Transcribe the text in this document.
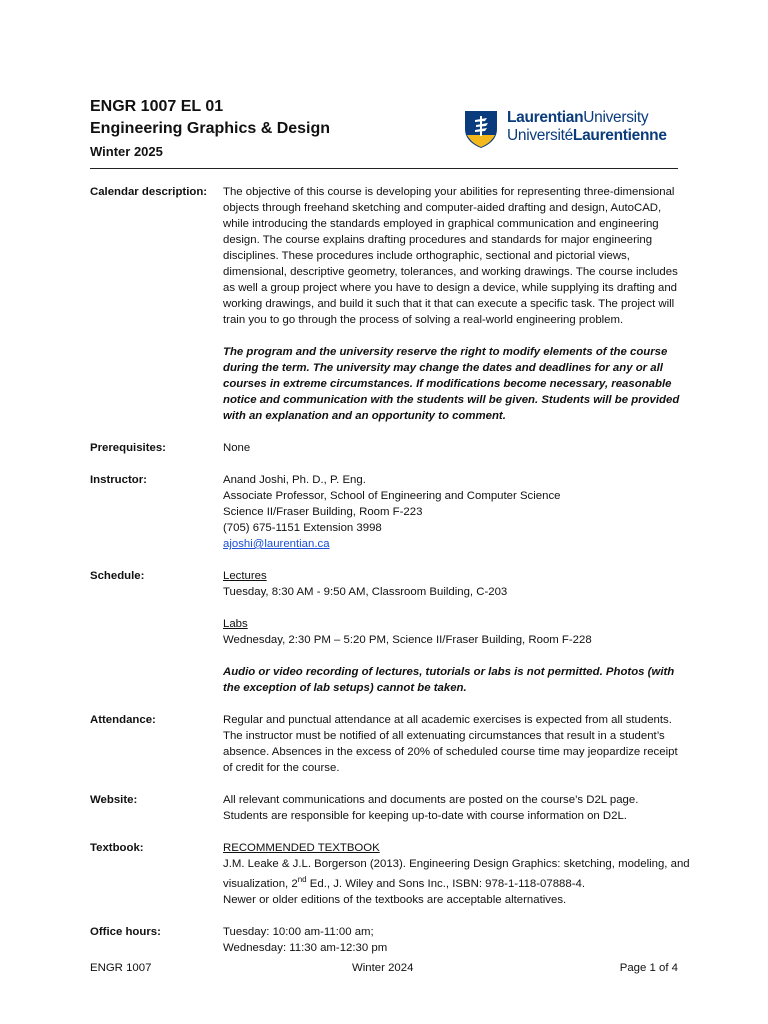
ENGR 1007 EL 01
Engineering Graphics & Design
Winter 2025
LaurentianUniversity
UniversitéLaurentienne
Calendar description:	The objective of this course is developing your abilities for representing three-dimensional objects through freehand sketching and computer-aided drafting and design, AutoCAD, while introducing the standards employed in graphical communication and engineering design. The course explains drafting procedures and standards for major engineering disciplines. These procedures include orthographic, sectional and pictorial views, dimensional, descriptive geometry, tolerances, and working drawings. The course includes as well a group project where you have to design a device, while supplying its drafting and working drawings, and build it such that it that can execute a specific task. The project will train you to go through the process of solving a real-world engineering problem.

The program and the university reserve the right to modify elements of the course during the term. The university may change the dates and deadlines for any or all courses in extreme circumstances. If modifications become necessary, reasonable notice and communication with the students will be given. Students will be provided with an explanation and an opportunity to comment.

Prerequisites:	None
Instructor:	Anand Joshi, Ph. D., P. Eng.

Associate Professor, School of Engineering and Computer Science

Science II/Fraser Building, Room F-223

(705) 675-1151 Extension 3998

ajoshi@laurentian.ca

Schedule:	Lectures

Tuesday, 8:30 AM - 9:50 AM, Classroom Building, C-203

Labs

Wednesday, 2:30 PM – 5:20 PM, Science II/Fraser Building, Room F-228

Audio or video recording of lectures, tutorials or labs is not permitted. Photos (with the exception of lab setups) cannot be taken.

Attendance:	Regular and punctual attendance at all academic exercises is expected from all students. The instructor must be notified of all extenuating circumstances that result in a student’s absence. Absences in the excess of 20% of scheduled course time may jeopardize receipt of credit for the course.
Website:	All relevant communications and documents are posted on the course’s D2L page.

Students are responsible for keeping up-to-date with course information on D2L.

Textbook:	RECOMMENDED TEXTBOOK

J.M. Leake & J.L. Borgerson (2013). Engineering Design Graphics: sketching, modeling, and visualization, 2nd Ed., J. Wiley and Sons Inc., ISBN: 978-1-118-07888-4.

Newer or older editions of the textbooks are acceptable alternatives.

Office hours:	Tuesday: 10:00 am-11:00 am;

Wednesday: 11:30 am-12:30 pm

ENGR 1007	Winter 2024	Page 1 of 4
